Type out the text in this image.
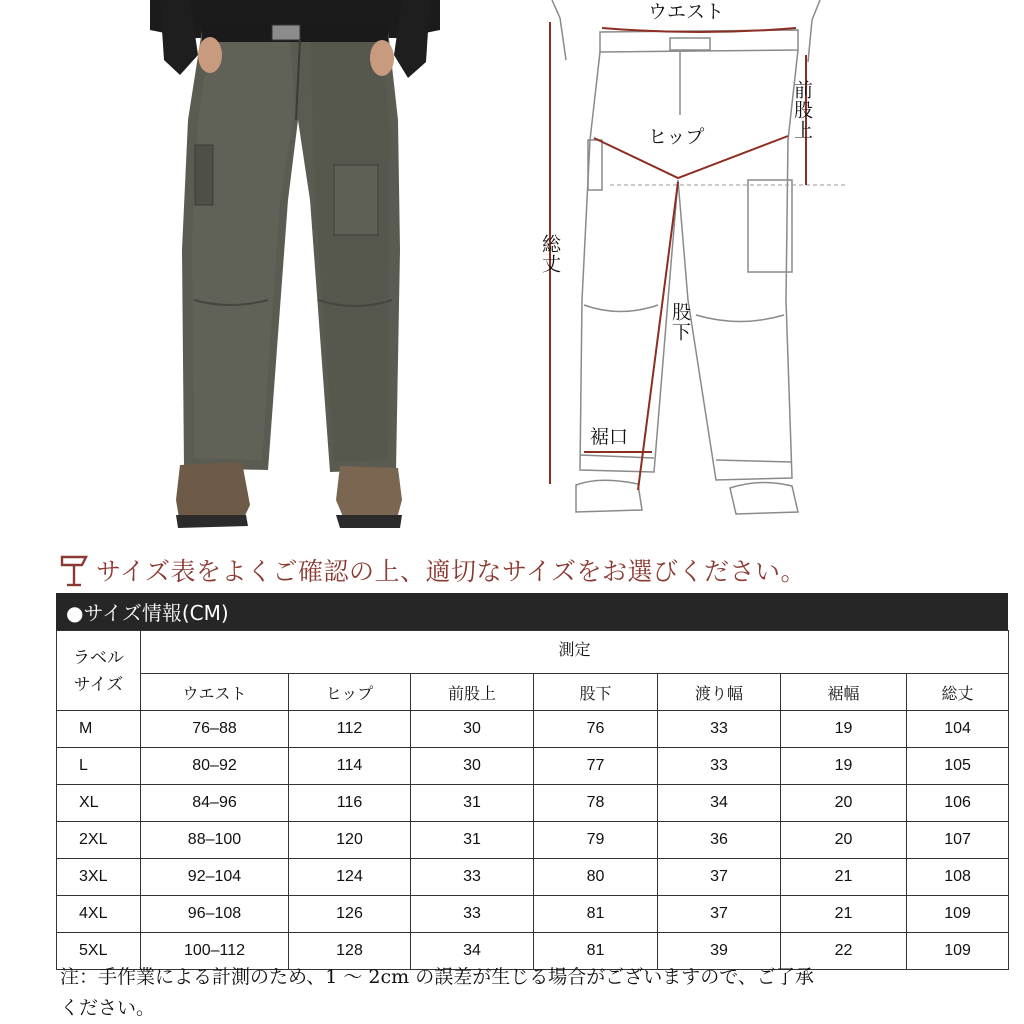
ウエスト
前股上
ヒップ
総丈
股下
裾口
サイズ表をよくご確認の上、適切なサイズをお選びください。
●サイズ情報(CM)
ラベル
サイズ	測定						
	ウエスト	ヒップ	前股上	股下	渡り幅	裾幅	総丈
M	76–88	112	30	76	33	19	104
L	80–92	114	30	77	33	19	105
XL	84–96	116	31	78	34	20	106
2XL	88–100	120	31	79	36	20	107
3XL	92–104	124	33	80	37	21	108
4XL	96–108	126	33	81	37	21	109
5XL	100–112	128	34	81	39	22	109
注：手作業による計測のため、1 ～ 2cm の誤差が生じる場合がございますので、ご了承
ください。
